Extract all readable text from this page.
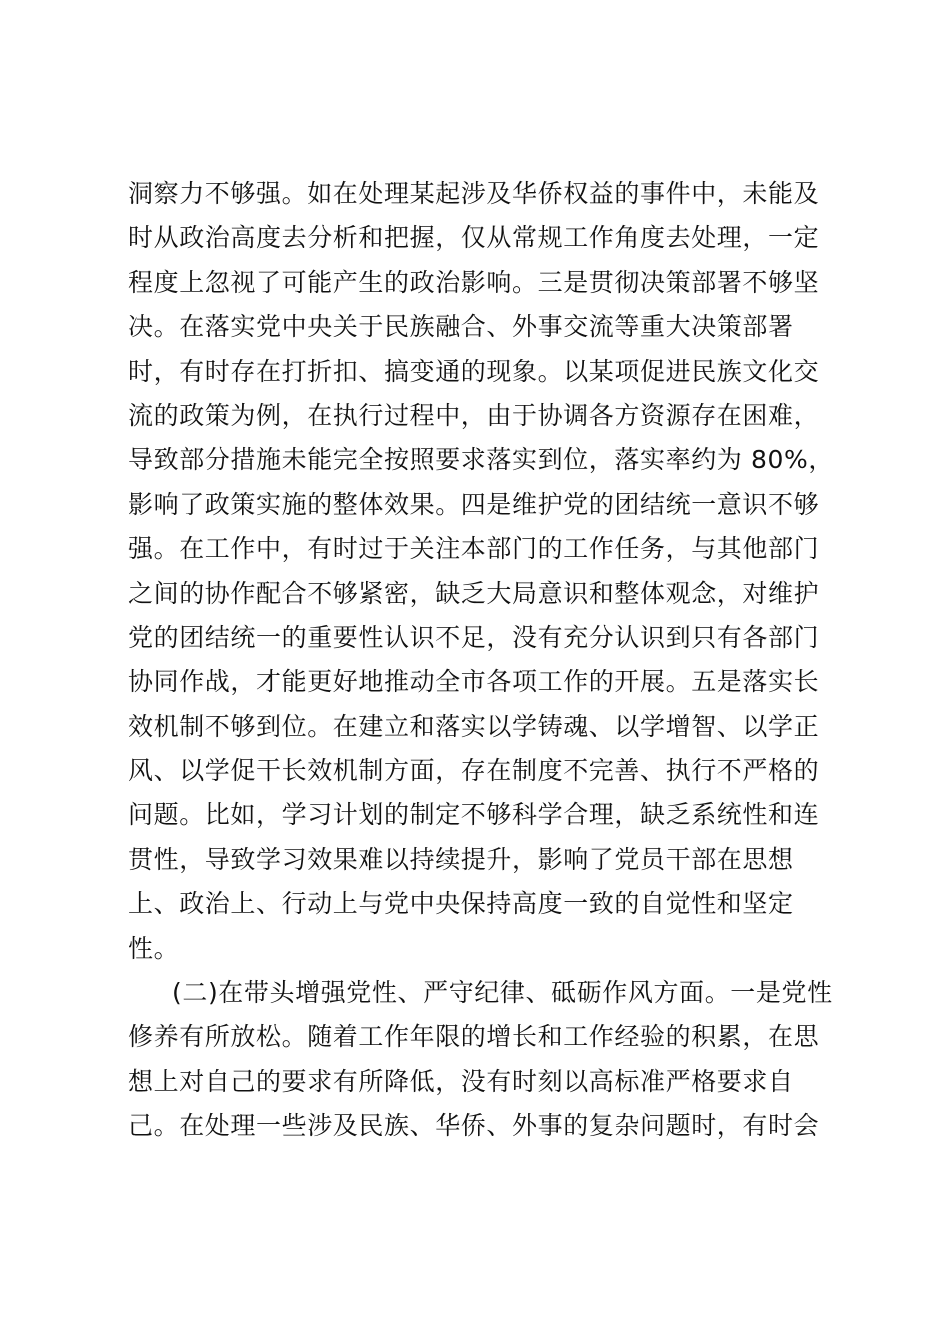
洞察力不够强。如在处理某起涉及华侨权益的事件中，未能及
时从政治高度去分析和把握，仅从常规工作角度去处理，一定
程度上忽视了可能产生的政治影响。三是贯彻决策部署不够坚
决。在落实党中央关于民族融合、外事交流等重大决策部署
时，有时存在打折扣、搞变通的现象。以某项促进民族文化交
流的政策为例，在执行过程中，由于协调各方资源存在困难，
导致部分措施未能完全按照要求落实到位，落实率约为 80%，
影响了政策实施的整体效果。四是维护党的团结统一意识不够
强。在工作中，有时过于关注本部门的工作任务，与其他部门
之间的协作配合不够紧密，缺乏大局意识和整体观念，对维护
党的团结统一的重要性认识不足，没有充分认识到只有各部门
协同作战，才能更好地推动全市各项工作的开展。五是落实长
效机制不够到位。在建立和落实以学铸魂、以学增智、以学正
风、以学促干长效机制方面，存在制度不完善、执行不严格的
问题。比如，学习计划的制定不够科学合理，缺乏系统性和连
贯性，导致学习效果难以持续提升，影响了党员干部在思想
上、政治上、行动上与党中央保持高度一致的自觉性和坚定
性。
(二)在带头增强党性、严守纪律、砥砺作风方面。一是党性
修养有所放松。随着工作年限的增长和工作经验的积累，在思
想上对自己的要求有所降低，没有时刻以高标准严格要求自
己。在处理一些涉及民族、华侨、外事的复杂问题时，有时会
